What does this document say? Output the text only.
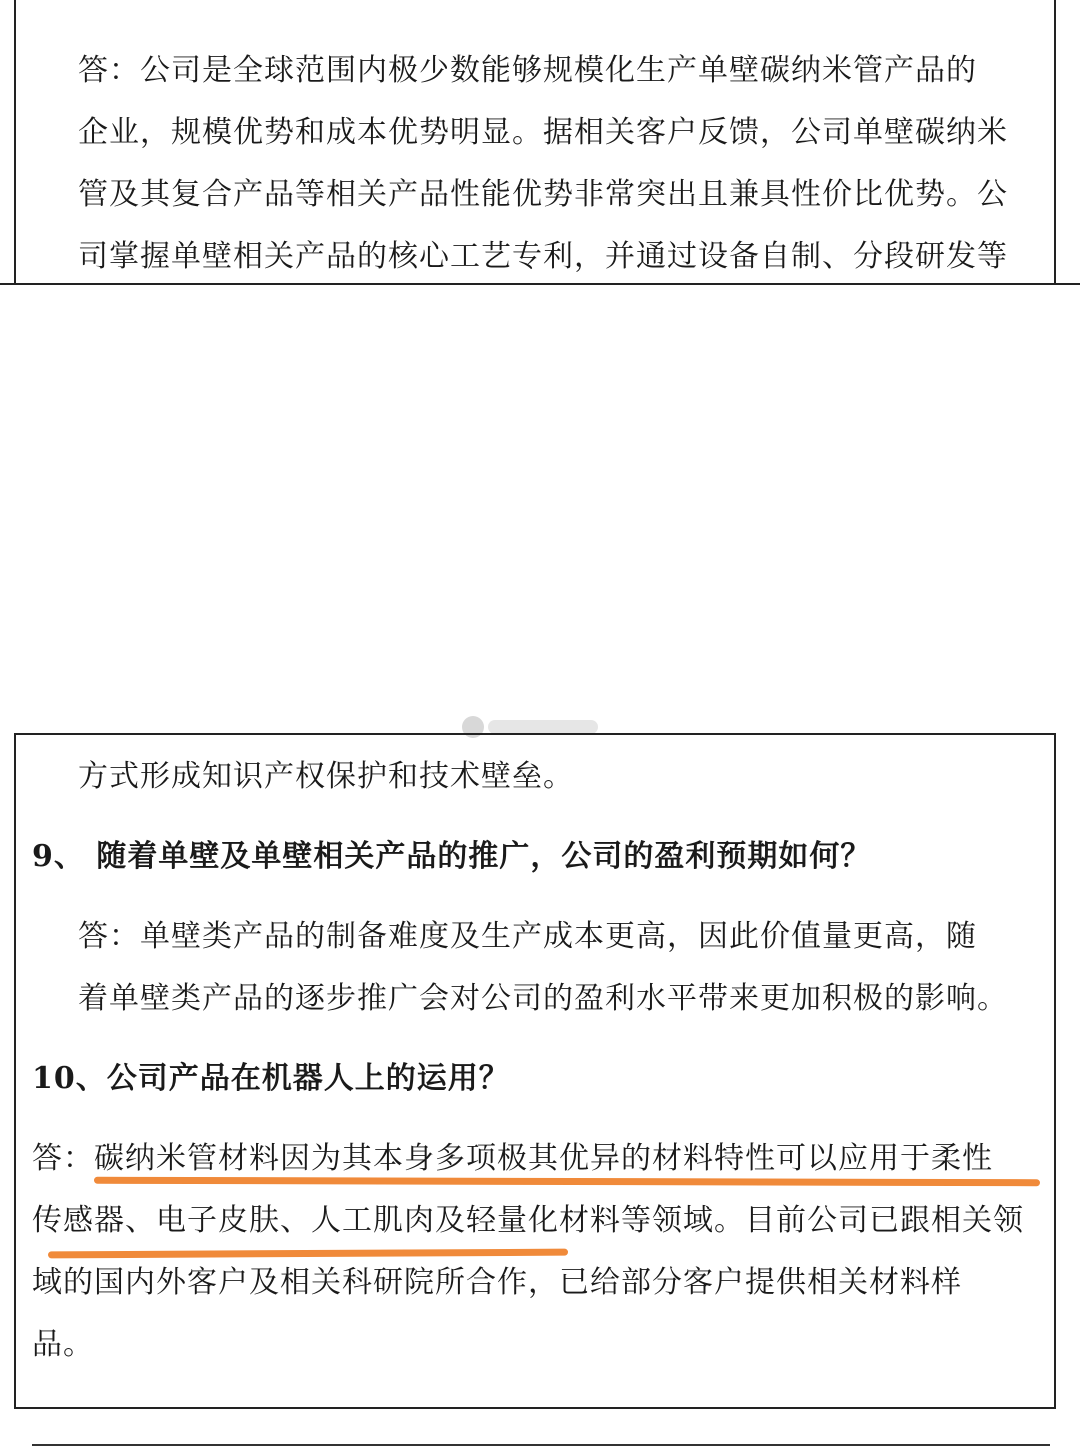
答：公司是全球范围内极少数能够规模化生产单壁碳纳米管产品的
企业，规模优势和成本优势明显。据相关客户反馈，公司单壁碳纳米
管及其复合产品等相关产品性能优势非常突出且兼具性价比优势。公
司掌握单壁相关产品的核心工艺专利，并通过设备自制、分段研发等
方式形成知识产权保护和技术壁垒。
9、 随着单壁及单壁相关产品的推广，公司的盈利预期如何？
答：单壁类产品的制备难度及生产成本更高，因此价值量更高，随
着单壁类产品的逐步推广会对公司的盈利水平带来更加积极的影响。
10、公司产品在机器人上的运用？
答：碳纳米管材料因为其本身多项极其优异的材料特性可以应用于柔性
传感器、电子皮肤、人工肌肉及轻量化材料等领域。目前公司已跟相关领
域的国内外客户及相关科研院所合作，已给部分客户提供相关材料样
品。
